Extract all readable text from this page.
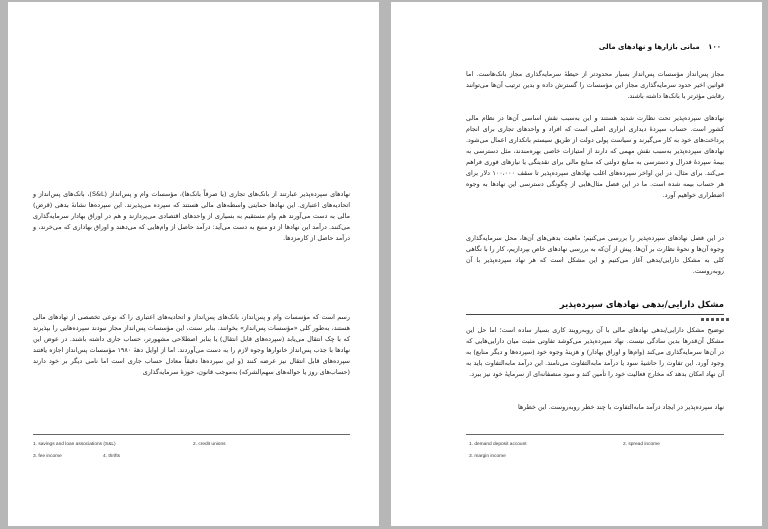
نهادهای سپرده‌پذیر عبارتند از بانک‌های تجاری (یا صرفاً بانک‌ها)، مؤسسات وام و پس‌انداز (S&L)، بانک‌های پس‌انداز و اتحادیه‌های اعتباری. این نهادها حمایتی واسطه‌های مالی هستند که سپرده می‌پذیرند. این سپرده‌ها نشانهٔ بدهی (قرض) مالی به دست می‌آورند هم وام مستقیم به بسیاری از واحدهای اقتصادی می‌پردازند و هم در اوراق بهادار سرمایه‌گذاری می‌کنند. درآمد این نهادها از دو منبع به دست می‌آید: درآمد حاصل از وام‌هایی که می‌دهند و اوراق بهاداری که می‌خرند، و درآمد حاصل از کارمزدها.

رسم است که مؤسسات وام و پس‌انداز، بانک‌های پس‌انداز و اتحادیه‌های اعتباری را که نوعی تخصصی از نهادهای مالی هستند، به‌طور کلی «مؤسسات پس‌انداز» بخوانند. بنابر سنت، این مؤسسات پس‌انداز مجاز نبودند سپرده‌هایی را بپذیرند که با چک انتقال می‌یابد (سپرده‌های قابل انتقال) یا بنابر اصطلاحی مشهورتر، حساب جاری داشته باشند. در عوض این نهادها با جذب پس‌انداز خانوارها وجوه لازم را به دست می‌آوردند. اما از اوایل دههٔ ۱۹۸۰ مؤسسات پس‌انداز اجازه یافتند سپرده‌های قابل انتقال نیز عرضه کنند (و این سپرده‌ها دقیقاً معادل حساب جاری است اما نامی دیگر بر خود دارند (حساب‌های روز یا حواله‌های سهم‌الشرکه) به‌موجب قانون، حوزهٔ سرمایه‌گذاری

1. savings and loan associations (S&L)	2. credit unions
3. fee income	4. thrifts
۱۰۰ مبانی بازارها و نهادهای مالی

مجاز پس‌انداز مؤسسات پس‌انداز بسیار محدودتر از حیطهٔ سرمایه‌گذاری مجاز بانک‌هاست. اما قوانین اخیر حدود سرمایه‌گذاری مجاز این مؤسسات را گسترش داده و بدین ترتیب آن‌ها می‌توانند رقابتی مؤثرتر با بانک‌ها داشته باشند.

نهادهای سپرده‌پذیر تحت نظارت شدید هستند و این به‌سبب نقش اساسی آن‌ها در نظام مالی کشور است. حساب سپردهٔ دیداری ابزاری اصلی است که افراد و واحدهای تجاری برای انجام پرداخت‌های خود به کار می‌گیرند و سیاست پولی دولت از طریق سیستم بانکداری اعمال می‌شود. نهادهای سپرده‌پذیر به‌سبب نقش مهمی که دارند از امتیازات خاصی بهره‌مندند، مثل دسترسی به بیمهٔ سپردهٔ فدرال و دسترسی به منابع دولتی که منابع مالی برای نقدینگی یا نیازهای فوری فراهم می‌کند. برای مثال، در این اواخر سپرده‌های اغلب نهادهای سپرده‌پذیر تا سقف ۱۰۰،۰۰۰ دلار برای هر حساب بیمه شده است. ما در این فصل مثال‌هایی از چگونگی دسترسی این نهادها به وجوه اضطراری خواهیم آورد.

در این فصل نهادهای سپرده‌پذیر را بررسی می‌کنیم؛ ماهیت بدهی‌های آن‌ها، محل سرمایه‌گذاری وجوه آن‌ها و نحوهٔ نظارت بر آن‌ها. پیش از آن‌که به بررسی نهادهای خاص بپردازیم، کار را با نگاهی کلی به مشکل دارایی/بدهی آغاز می‌کنیم و این مشکل است که هر نهاد سپرده‌پذیر با آن روبه‌روست.

مشکل دارایی/بدهی نهادهای سپرده‌پذیر

توضیح مشکل دارایی/بدهی نهادهای مالی با آن روبه‌رویند کاری بسیار ساده است؛ اما حل این مشکل آن‌قدرها بدین سادگی نیست. نهاد سپرده‌پذیر می‌کوشد تفاوتی مثبت میان دارایی‌هایی که در آن‌ها سرمایه‌گذاری می‌کند (وام‌ها و اوراق بهادار) و هزینهٔ وجوه خود (سپرده‌ها و دیگر منابع) به وجود آورد. این تفاوت را حاشیهٔ سود یا درآمد مابه‌التفاوت می‌نامند. این درآمد مابه‌التفاوت باید به آن نهاد امکان بدهد که مخارج فعالیت خود را تأمین کند و سود منصفانه‌ای از سرمایهٔ خود نیز ببرد.

نهاد سپرده‌پذیر در ایجاد درآمد مابه‌التفاوت با چند خطر روبه‌روست. این خطرها

1. demand deposit account	2. spread income
3. margin income
